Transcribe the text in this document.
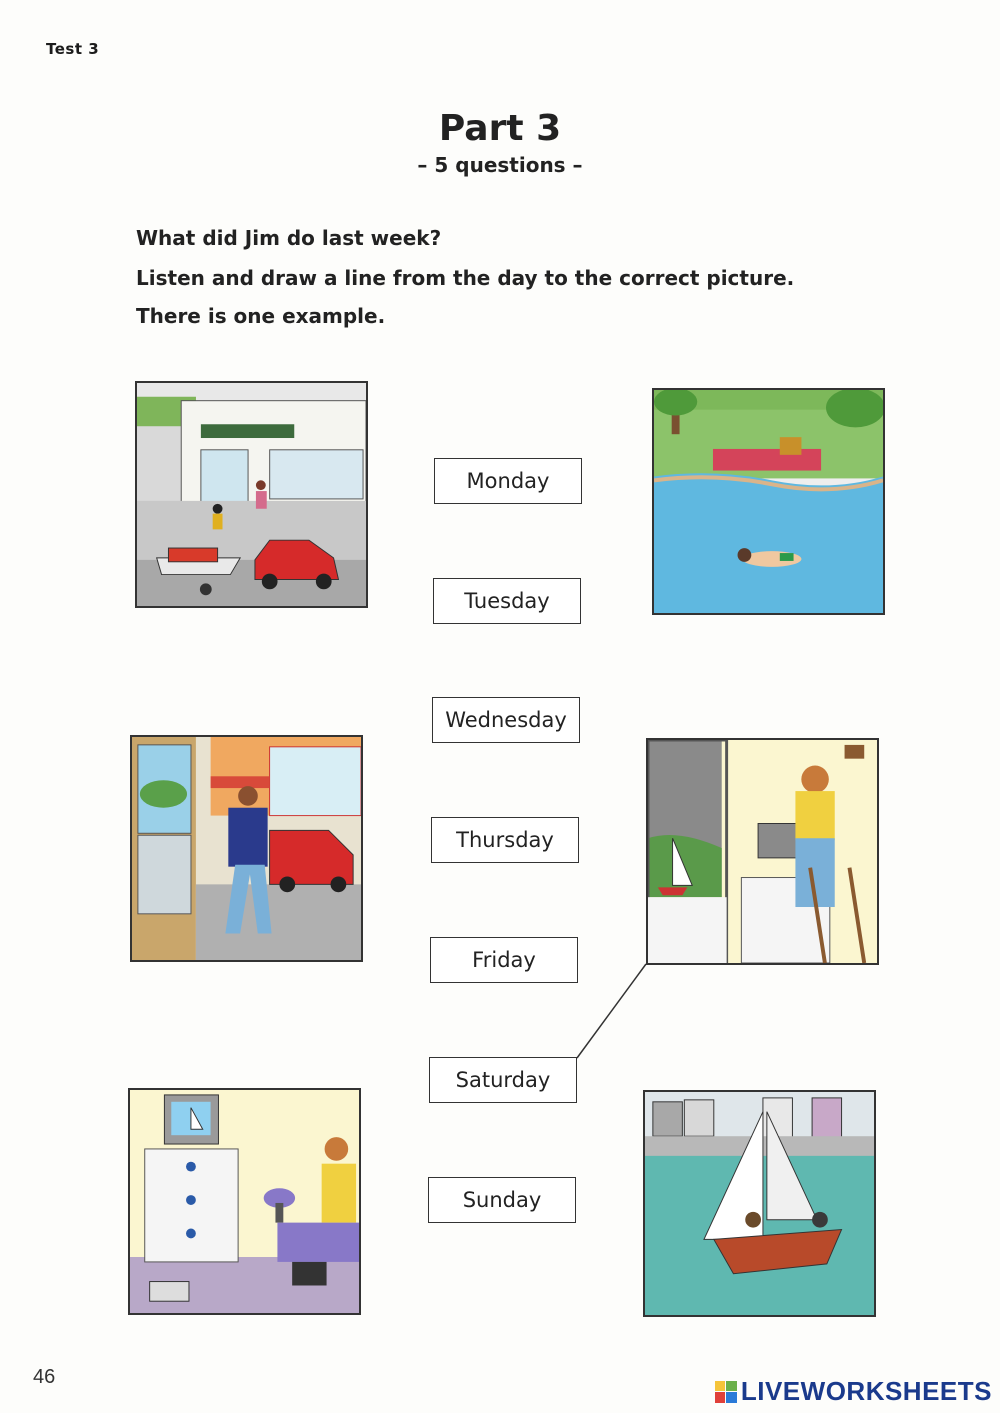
Test 3
Part 3
– 5 questions –
What did Jim do last week?
Listen and draw a line from the day to the correct picture.
There is one example.
Monday
Tuesday
Wednesday
Thursday
Friday
Saturday
Sunday
46	LIVEWORKSHEETS
